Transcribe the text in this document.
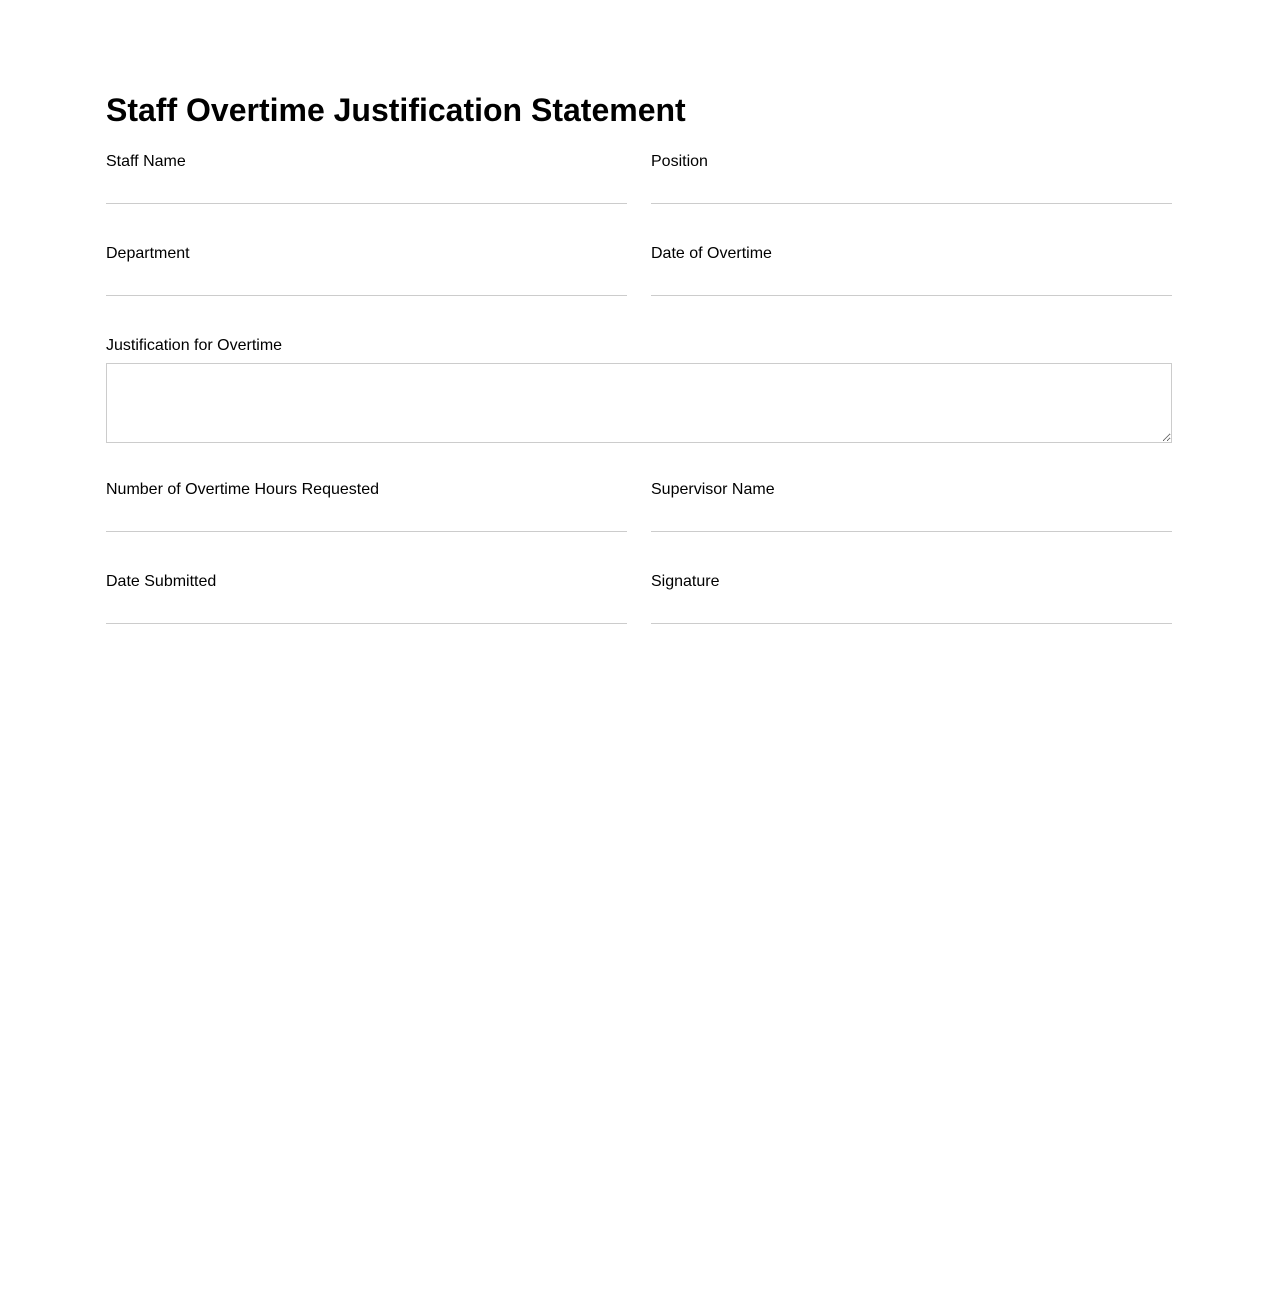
Staff Overtime Justification Statement
Staff Name	Position
Department	Date of Overtime
Justification for Overtime
Number of Overtime Hours Requested	Supervisor Name
Date Submitted	Signature
